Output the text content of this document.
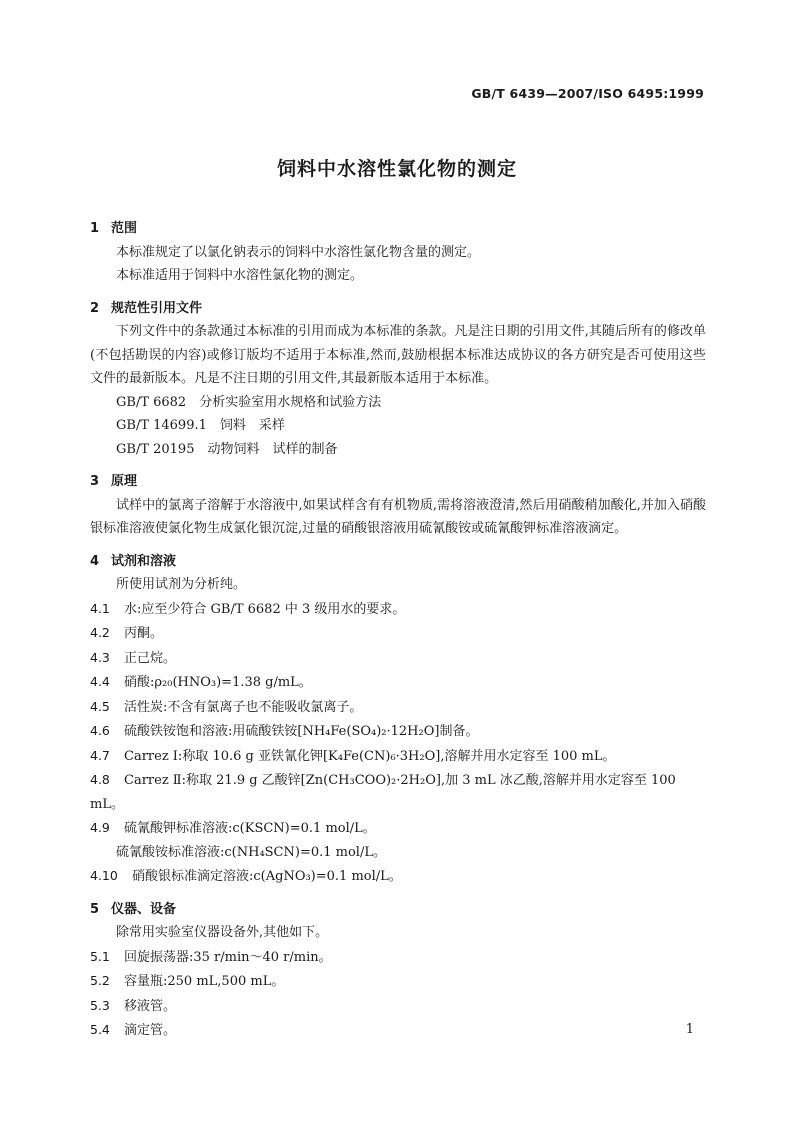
GB/T 6439—2007/ISO 6495:1999
饲料中水溶性氯化物的测定
1 范围

本标准规定了以氯化钠表示的饲料中水溶性氯化物含量的测定。

本标准适用于饲料中水溶性氯化物的测定。

2 规范性引用文件

下列文件中的条款通过本标准的引用而成为本标准的条款。凡是注日期的引用文件,其随后所有的修改单(不包括勘误的内容)或修订版均不适用于本标准,然而,鼓励根据本标准达成协议的各方研究是否可使用这些文件的最新版本。凡是不注日期的引用文件,其最新版本适用于本标准。

GB/T 6682　分析实验室用水规格和试验方法
GB/T 14699.1　饲料　采样
GB/T 20195　动物饲料　试样的制备
3 原理

试样中的氯离子溶解于水溶液中,如果试样含有有机物质,需将溶液澄清,然后用硝酸稍加酸化,并加入硝酸银标准溶液使氯化物生成氯化银沉淀,过量的硝酸银溶液用硫氰酸铵或硫氰酸钾标准溶液滴定。

4 试剂和溶液

所使用试剂为分析纯。

4.1 水:应至少符合 GB/T 6682 中 3 级用水的要求。

4.2 丙酮。

4.3 正己烷。

4.4 硝酸:ρ₂₀(HNO₃)=1.38 g/mL。

4.5 活性炭:不含有氯离子也不能吸收氯离子。

4.6 硫酸铁铵饱和溶液:用硫酸铁铵[NH₄Fe(SO₄)₂·12H₂O]制备。

4.7 Carrez Ⅰ:称取 10.6 g 亚铁氰化钾[K₄Fe(CN)₆·3H₂O],溶解并用水定容至 100 mL。

4.8 Carrez Ⅱ:称取 21.9 g 乙酸锌[Zn(CH₃COO)₂·2H₂O],加 3 mL 冰乙酸,溶解并用水定容至 100 mL。

4.9 硫氰酸钾标准溶液:c(KSCN)=0.1 mol/L。

硫氰酸铵标准溶液:c(NH₄SCN)=0.1 mol/L。

4.10 硝酸银标准滴定溶液:c(AgNO₃)=0.1 mol/L。

5 仪器、设备

除常用实验室仪器设备外,其他如下。

5.1 回旋振荡器:35 r/min～40 r/min。

5.2 容量瓶:250 mL,500 mL。

5.3 移液管。

5.4 滴定管。	1
